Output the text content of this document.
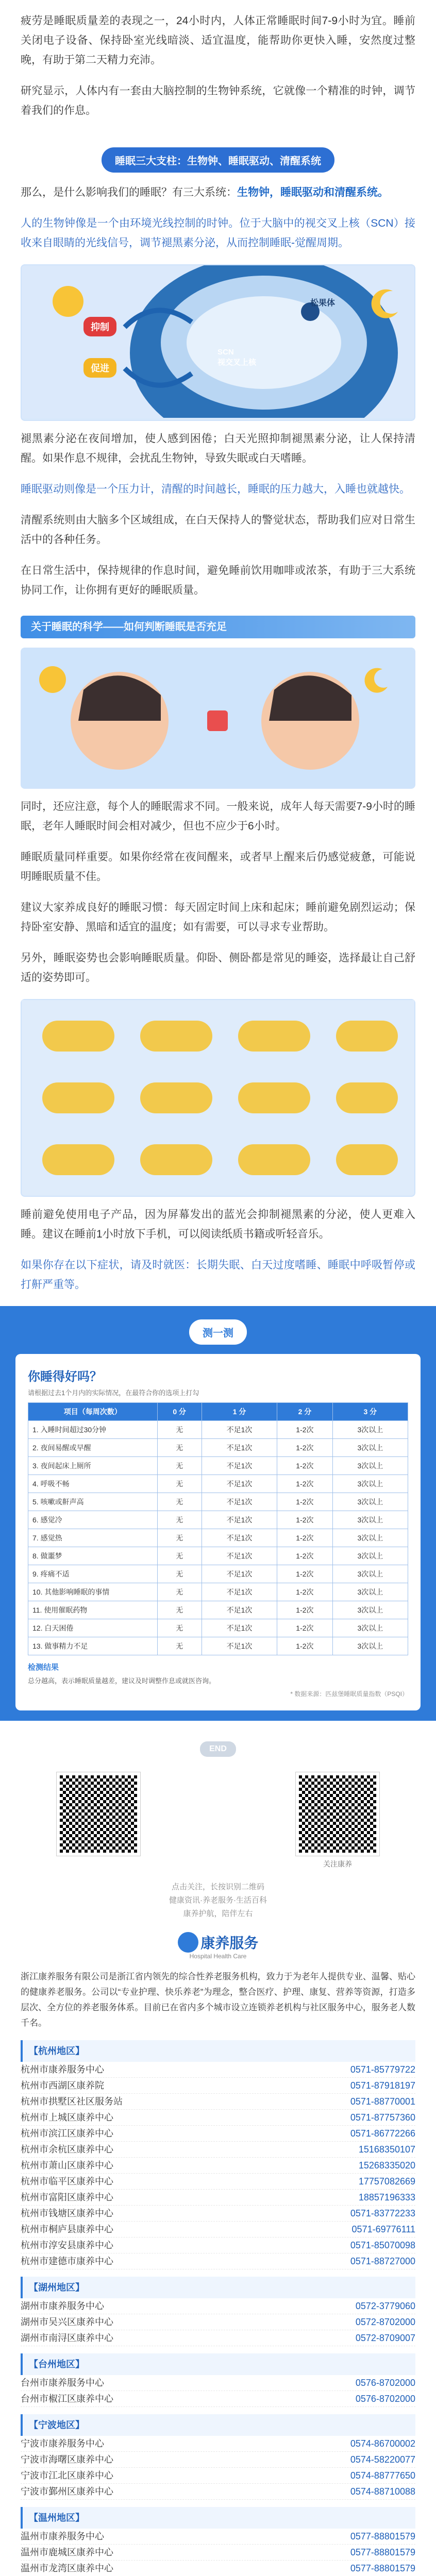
疲劳是睡眠质量差的表现之一，24小时内，人体正常睡眠时间7-9小时为宜。睡前关闭电子设备、保持卧室光线暗淡、适宜温度，能帮助你更快入睡，安然度过整晚，有助于第二天精力充沛。

研究显示，人体内有一套由大脑控制的生物钟系统，它就像一个精准的时钟，调节着我们的作息。

睡眠三大支柱：生物钟、睡眠驱动、清醒系统

那么，是什么影响我们的睡眠？有三大系统：生物钟，睡眠驱动和清醒系统。

人的生物钟像是一个由环境光线控制的时钟。位于大脑中的视交叉上核（SCN）接收来自眼睛的光线信号，调节褪黑素分泌，从而控制睡眠-觉醒周期。

抑制
促进
松果体
SCN
视交叉上核

褪黑素分泌在夜间增加，使人感到困倦；白天光照抑制褪黑素分泌，让人保持清醒。如果作息不规律，会扰乱生物钟，导致失眠或白天嗜睡。

睡眠驱动则像是一个压力计，清醒的时间越长，睡眠的压力越大，入睡也就越快。

清醒系统则由大脑多个区域组成，在白天保持人的警觉状态，帮助我们应对日常生活中的各种任务。

在日常生活中，保持规律的作息时间，避免睡前饮用咖啡或浓茶，有助于三大系统协同工作，让你拥有更好的睡眠质量。

关于睡眠的科学——如何判断睡眠是否充足

同时，还应注意，每个人的睡眠需求不同。一般来说，成年人每天需要7-9小时的睡眠，老年人睡眠时间会相对减少，但也不应少于6小时。

睡眠质量同样重要。如果你经常在夜间醒来，或者早上醒来后仍感觉疲惫，可能说明睡眠质量不佳。

建议大家养成良好的睡眠习惯：每天固定时间上床和起床；睡前避免剧烈运动；保持卧室安静、黑暗和适宜的温度；如有需要，可以寻求专业帮助。

另外，睡眠姿势也会影响睡眠质量。仰卧、侧卧都是常见的睡姿，选择最让自己舒适的姿势即可。

睡前避免使用电子产品，因为屏幕发出的蓝光会抑制褪黑素的分泌，使人更难入睡。建议在睡前1小时放下手机，可以阅读纸质书籍或听轻音乐。

如果你存在以下症状，请及时就医：长期失眠、白天过度嗜睡、睡眠中呼吸暂停或打鼾严重等。

测一测
你睡得好吗？
请根据过去1个月内的实际情况，在最符合你的选项上打勾
项目（每周次数）	0 分	1 分	2 分	3 分
1. 入睡时间超过30分钟	无	不足1次	1-2次	3次以上
2. 夜间易醒或早醒	无	不足1次	1-2次	3次以上
3. 夜间起床上厕所	无	不足1次	1-2次	3次以上
4. 呼吸不畅	无	不足1次	1-2次	3次以上
5. 咳嗽或鼾声高	无	不足1次	1-2次	3次以上
6. 感觉冷	无	不足1次	1-2次	3次以上
7. 感觉热	无	不足1次	1-2次	3次以上
8. 做噩梦	无	不足1次	1-2次	3次以上
9. 疼痛不适	无	不足1次	1-2次	3次以上
10. 其他影响睡眠的事情	无	不足1次	1-2次	3次以上
11. 使用催眠药物	无	不足1次	1-2次	3次以上
12. 白天困倦	无	不足1次	1-2次	3次以上
13. 做事精力不足	无	不足1次	1-2次	3次以上
检测结果
总分越高，表示睡眠质量越差，建议及时调整作息或就医咨询。
* 数据来源：匹兹堡睡眠质量指数（PSQI）
END
关注康养
点击关注，长按识别二维码
健康资讯·养老服务·生活百科
康养护航，陪伴左右
康养服务
Hospital Health Care
浙江康养服务有限公司是浙江省内领先的综合性养老服务机构，致力于为老年人提供专业、温馨、贴心的健康养老服务。公司以“专业护理、快乐养老”为理念，整合医疗、护理、康复、营养等资源，打造多层次、全方位的养老服务体系。目前已在省内多个城市设立连锁养老机构与社区服务中心，服务老人数千名。
【杭州地区】
杭州市康养服务中心	0571-85779722
杭州市西湖区康养院	0571-87918197
杭州市拱墅区社区服务站	0571-88770001
杭州市上城区康养中心	0571-87757360
杭州市滨江区康养中心	0571-86772266
杭州市余杭区康养中心	15168350107
杭州市萧山区康养中心	15268335020
杭州市临平区康养中心	17757082669
杭州市富阳区康养中心	18857196333
杭州市钱塘区康养中心	0571-83772233
杭州市桐庐县康养中心	0571-69776111
杭州市淳安县康养中心	0571-85070098
杭州市建德市康养中心	0571-88727000
【湖州地区】
湖州市康养服务中心	0572-3779060
湖州市吴兴区康养中心	0572-8702000
湖州市南浔区康养中心	0572-8709007
【台州地区】
台州市康养服务中心	0576-8702000
台州市椒江区康养中心	0576-8702000
【宁波地区】
宁波市康养服务中心	0574-86700002
宁波市海曙区康养中心	0574-58220077
宁波市江北区康养中心	0574-88777650
宁波市鄞州区康养中心	0574-88710088
【温州地区】
温州市康养服务中心	0577-88801579
温州市鹿城区康养中心	0577-88801579
温州市龙湾区康养中心	0577-88801579
